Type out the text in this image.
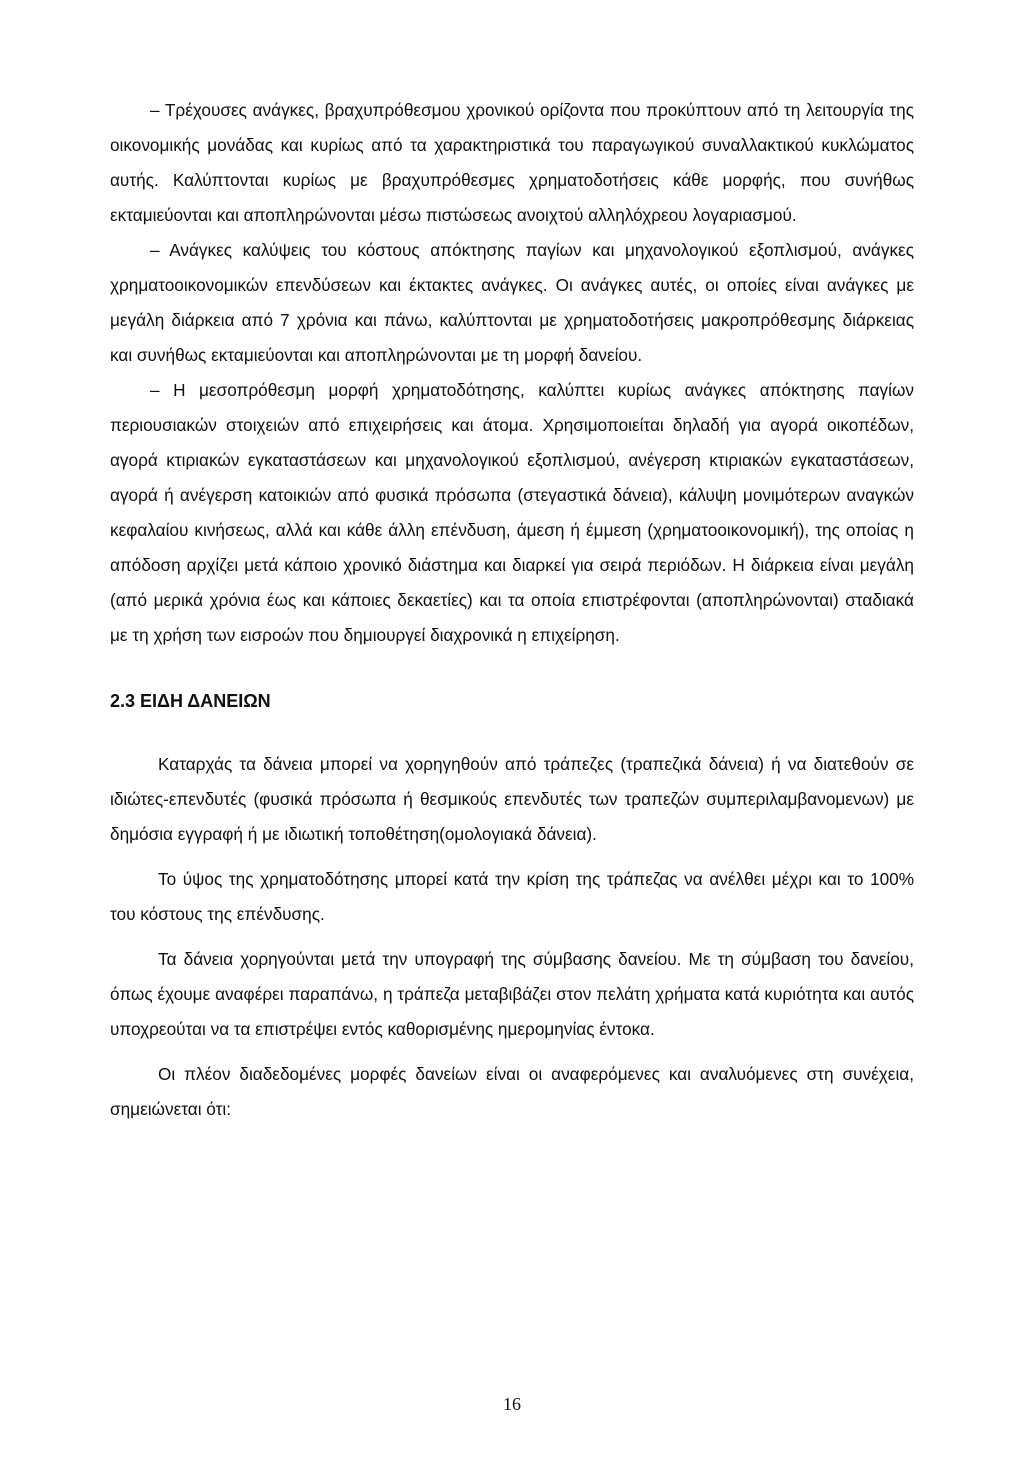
– Τρέχουσες ανάγκες, βραχυπρόθεσμου χρονικού ορίζοντα που προκύπτουν από τη λειτουργία της οικονομικής μονάδας και κυρίως από τα χαρακτηριστικά του παραγωγικού συναλλακτικού κυκλώματος αυτής. Καλύπτονται κυρίως με βραχυπρόθεσμες χρηματοδοτήσεις κάθε μορφής, που συνήθως εκταμιεύονται και αποπληρώνονται μέσω πιστώσεως ανοιχτού αλληλόχρεου λογαριασμού.

– Ανάγκες καλύψεις του κόστους απόκτησης παγίων και μηχανολογικού εξοπλισμού, ανάγκες χρηματοοικονομικών επενδύσεων και έκτακτες ανάγκες. Οι ανάγκες αυτές, οι οποίες είναι ανάγκες με μεγάλη διάρκεια από 7 χρόνια και πάνω, καλύπτονται με χρηματοδοτήσεις μακροπρόθεσμης διάρκειας και συνήθως εκταμιεύονται και αποπληρώνονται με τη μορφή δανείου.

– Η μεσοπρόθεσμη μορφή χρηματοδότησης, καλύπτει κυρίως ανάγκες απόκτησης παγίων περιουσιακών στοιχειών από επιχειρήσεις και άτομα. Χρησιμοποιείται δηλαδή για αγορά οικοπέδων, αγορά κτιριακών εγκαταστάσεων και μηχανολογικού εξοπλισμού, ανέγερση κτιριακών εγκαταστάσεων, αγορά ή ανέγερση κατοικιών από φυσικά πρόσωπα (στεγαστικά δάνεια), κάλυψη μονιμότερων αναγκών κεφαλαίου κινήσεως, αλλά και κάθε άλλη επένδυση, άμεση ή έμμεση (χρηματοοικονομική), της οποίας η απόδοση αρχίζει μετά κάποιο χρονικό διάστημα και διαρκεί για σειρά περιόδων. Η διάρκεια είναι μεγάλη (από μερικά χρόνια έως και κάποιες δεκαετίες) και τα οποία επιστρέφονται (αποπληρώνονται) σταδιακά με τη χρήση των εισροών που δημιουργεί διαχρονικά η επιχείρηση.

2.3 ΕΙΔΗ ΔΑΝΕΙΩΝ

Καταρχάς τα δάνεια μπορεί να χορηγηθούν από τράπεζες (τραπεζικά δάνεια) ή να διατεθούν σε ιδιώτες-επενδυτές (φυσικά πρόσωπα ή θεσμικούς επενδυτές των τραπεζών συμπεριλαμβανομενων) με δημόσια εγγραφή ή με ιδιωτική τοποθέτηση(ομολογιακά δάνεια).

Το ύψος της χρηματοδότησης μπορεί κατά την κρίση της τράπεζας να ανέλθει μέχρι και το 100% του κόστους της επένδυσης.

Τα δάνεια χορηγούνται μετά την υπογραφή της σύμβασης δανείου. Με τη σύμβαση του δανείου, όπως έχουμε αναφέρει παραπάνω, η τράπεζα μεταβιβάζει στον πελάτη χρήματα κατά κυριότητα και αυτός υποχρεούται να τα επιστρέψει εντός καθορισμένης ημερομηνίας έντοκα.

Οι πλέον διαδεδομένες μορφές δανείων είναι οι αναφερόμενες και αναλυόμενες στη συνέχεια, σημειώνεται ότι:

16
